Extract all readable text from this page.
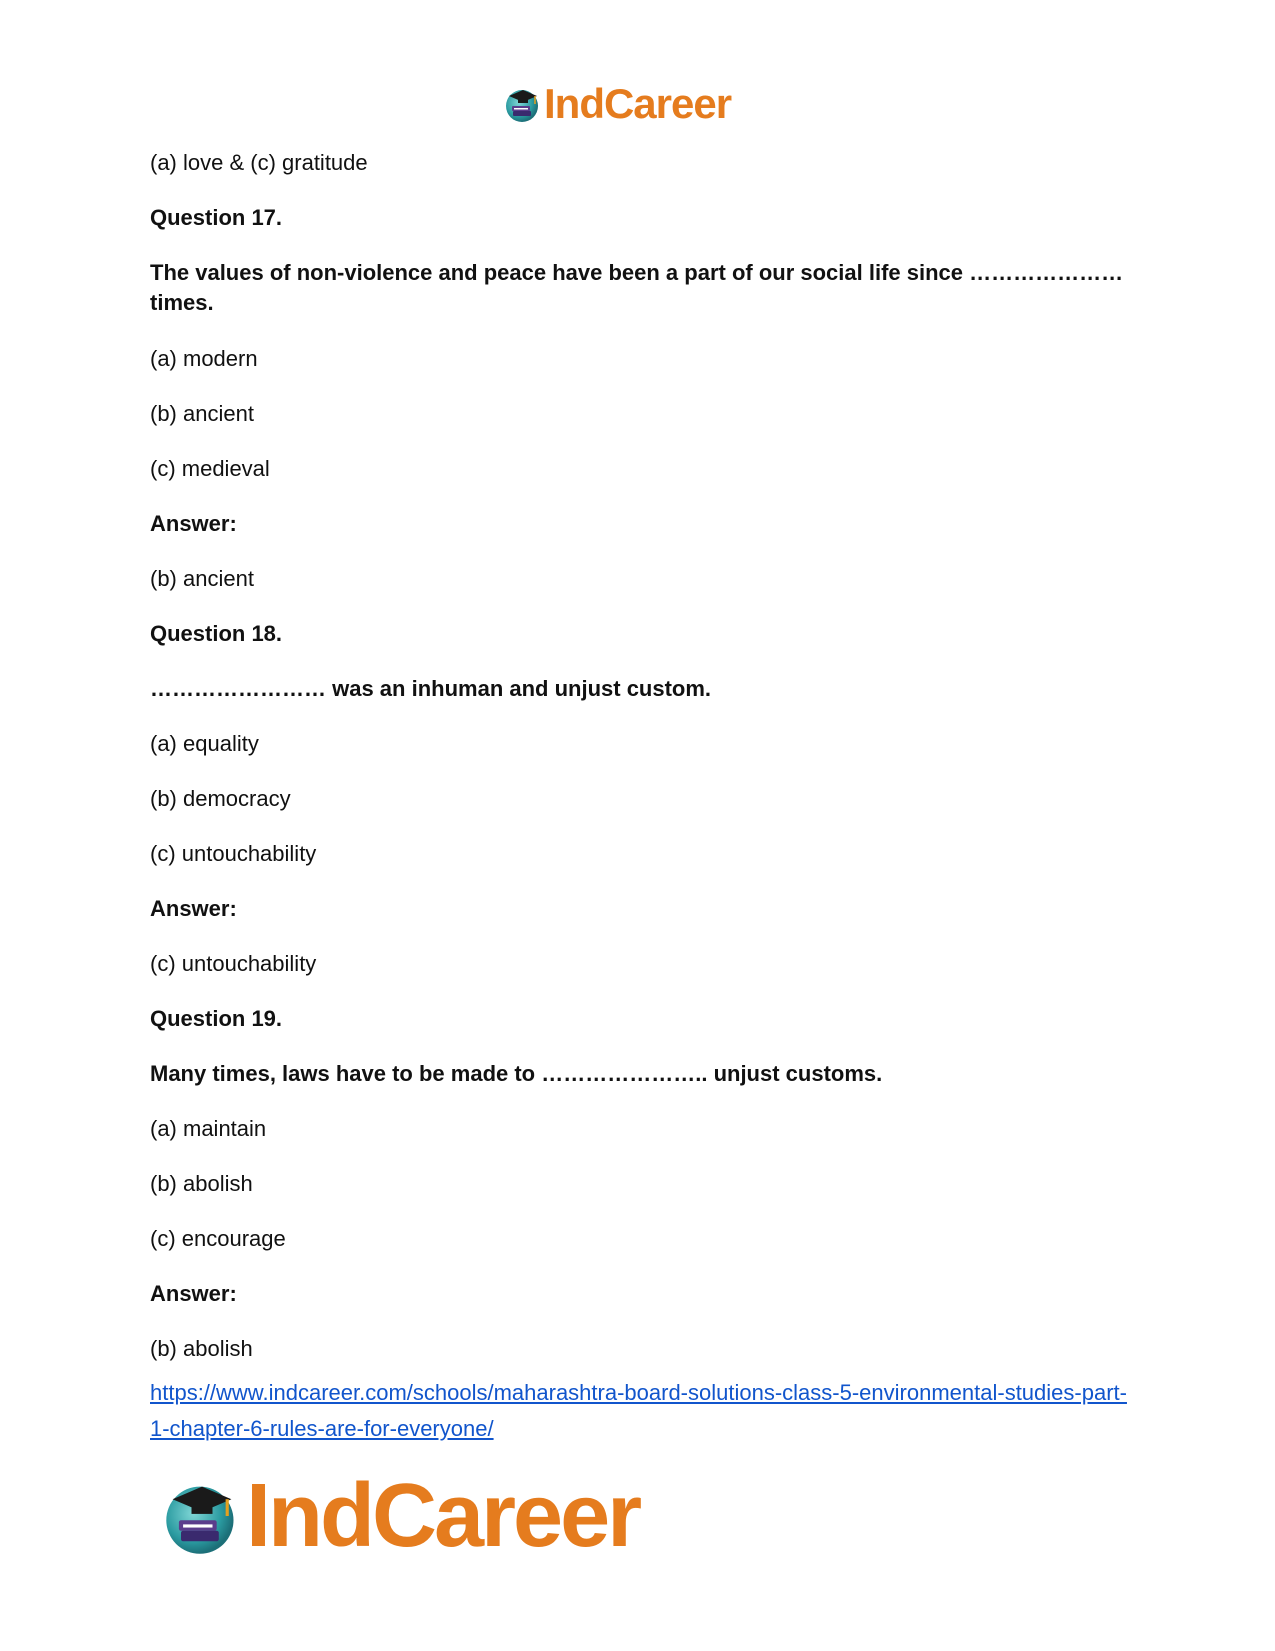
IndCareer

(a) love & (c) gratitude

Question 17.

The values of non-violence and peace have been a part of our social life since ………………… times.

(a) modern

(b) ancient

(c) medieval

Answer:

(b) ancient

Question 18.

…………………… was an inhuman and unjust custom.

(a) equality

(b) democracy

(c) untouchability

Answer:

(c) untouchability

Question 19.

Many times, laws have to be made to ………………….. unjust customs.

(a) maintain

(b) abolish

(c) encourage

Answer:

(b) abolish

https://www.indcareer.com/schools/maharashtra-board-solutions-class-5-environmental-studies-part-1-chapter-6-rules-are-for-everyone/
IndCareer
